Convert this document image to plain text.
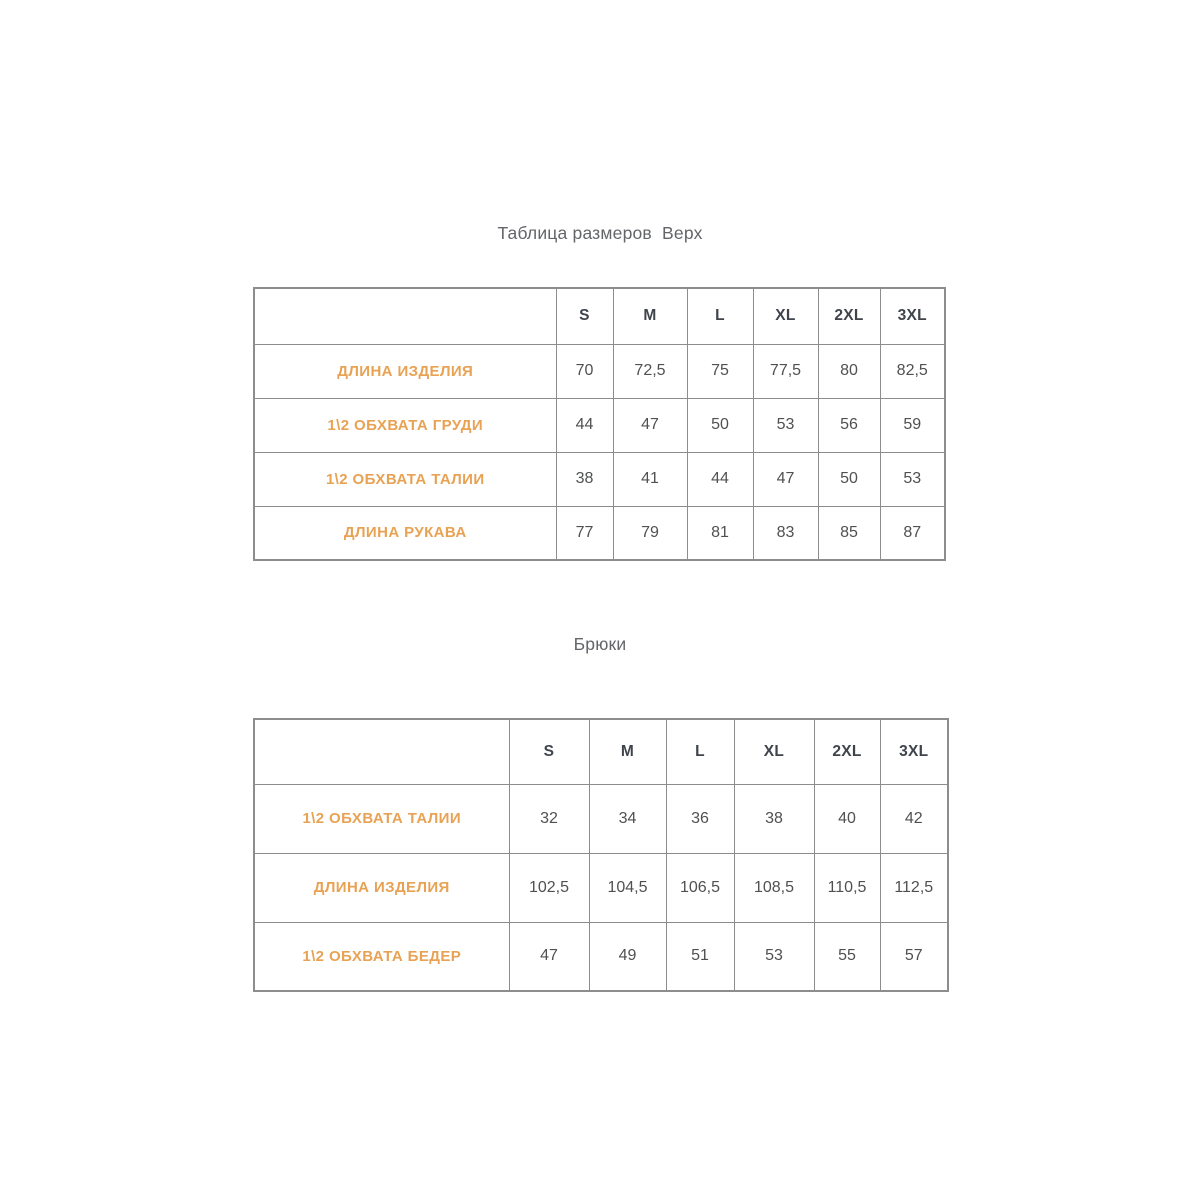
Таблица размеров  Верх
	S	M	L	XL	2XL	3XL
ДЛИНА ИЗДЕЛИЯ	70	72,5	75	77,5	80	82,5
1\2 ОБХВАТА ГРУДИ	44	47	50	53	56	59
1\2 ОБХВАТА ТАЛИИ	38	41	44	47	50	53
ДЛИНА РУКАВА	77	79	81	83	85	87
Брюки
	S	M	L	XL	2XL	3XL
1\2 ОБХВАТА ТАЛИИ	32	34	36	38	40	42
ДЛИНА ИЗДЕЛИЯ	102,5	104,5	106,5	108,5	110,5	112,5
1\2 ОБХВАТА БЕДЕР	47	49	51	53	55	57
